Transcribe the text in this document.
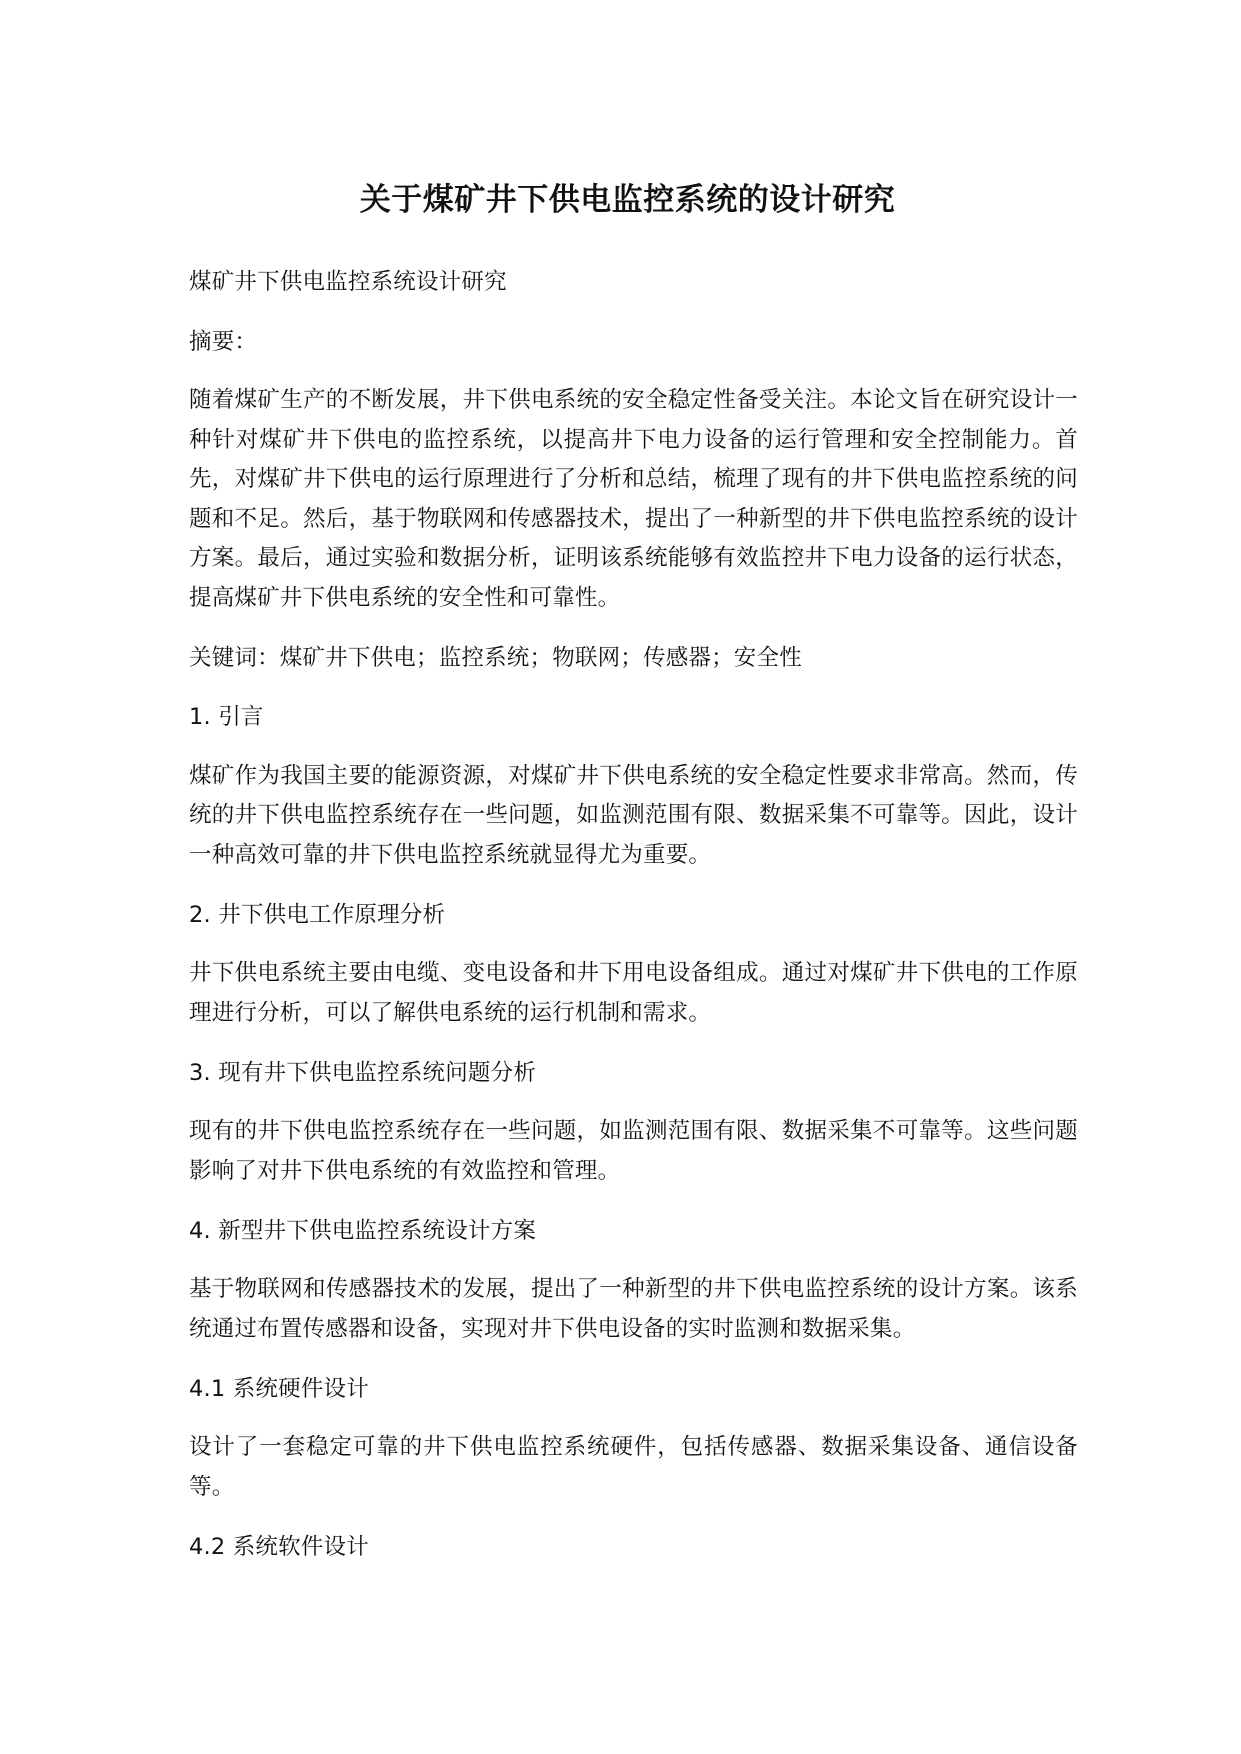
关于煤矿井下供电监控系统的设计研究

煤矿井下供电监控系统设计研究

摘要：

随着煤矿生产的不断发展，井下供电系统的安全稳定性备受关注。本论文旨在研究设计一种针对煤矿井下供电的监控系统，以提高井下电力设备的运行管理和安全控制能力。首先，对煤矿井下供电的运行原理进行了分析和总结，梳理了现有的井下供电监控系统的问题和不足。然后，基于物联网和传感器技术，提出了一种新型的井下供电监控系统的设计方案。最后，通过实验和数据分析，证明该系统能够有效监控井下电力设备的运行状态，提高煤矿井下供电系统的安全性和可靠性。

关键词：煤矿井下供电；监控系统；物联网；传感器；安全性

1. 引言

煤矿作为我国主要的能源资源，对煤矿井下供电系统的安全稳定性要求非常高。然而，传统的井下供电监控系统存在一些问题，如监测范围有限、数据采集不可靠等。因此，设计一种高效可靠的井下供电监控系统就显得尤为重要。

2. 井下供电工作原理分析

井下供电系统主要由电缆、变电设备和井下用电设备组成。通过对煤矿井下供电的工作原理进行分析，可以了解供电系统的运行机制和需求。

3. 现有井下供电监控系统问题分析

现有的井下供电监控系统存在一些问题，如监测范围有限、数据采集不可靠等。这些问题影响了对井下供电系统的有效监控和管理。

4. 新型井下供电监控系统设计方案

基于物联网和传感器技术的发展，提出了一种新型的井下供电监控系统的设计方案。该系统通过布置传感器和设备，实现对井下供电设备的实时监测和数据采集。

4.1 系统硬件设计

设计了一套稳定可靠的井下供电监控系统硬件，包括传感器、数据采集设备、通信设备等。

4.2 系统软件设计
